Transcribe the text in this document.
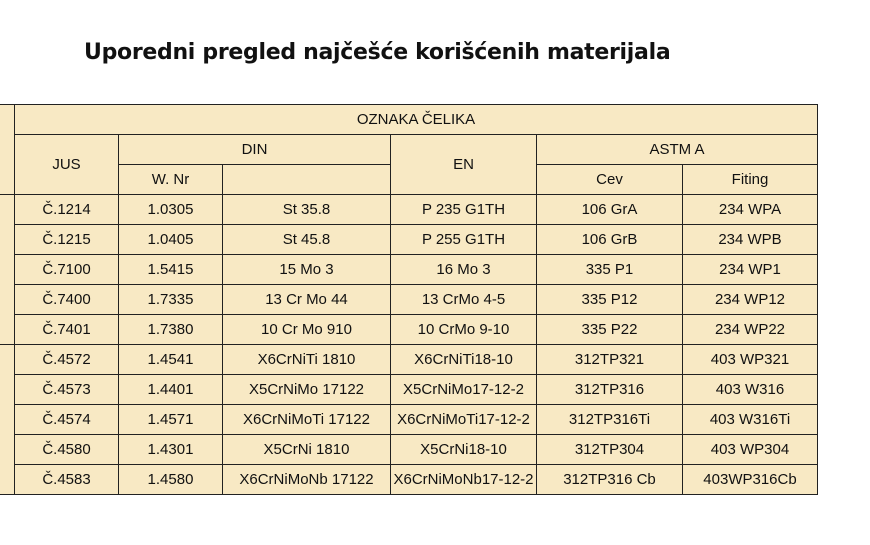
Uporedni pregled najčešće korišćenih materijala
	OZNAKA ČELIKA					
	JUS	DIN		EN	ASTM A	
		W. Nr			Cev	Fiting
	Č.1214	1.0305	St 35.8	P 235 G1TH	106 GrA	234 WPA
	Č.1215	1.0405	St 45.8	P 255 G1TH	106 GrB	234 WPB
	Č.7100	1.5415	15 Mo 3	16 Mo 3	335 P1	234 WP1
	Č.7400	1.7335	13 Cr Mo 44	13 CrMo 4-5	335 P12	234 WP12
	Č.7401	1.7380	10 Cr Mo 910	10 CrMo 9-10	335 P22	234 WP22
	Č.4572	1.4541	X6CrNiTi 1810	X6CrNiTi18-10	312TP321	403 WP321
	Č.4573	1.4401	X5CrNiMo 17122	X5CrNiMo17-12-2	312TP316	403 W316
	Č.4574	1.4571	X6CrNiMoTi 17122	X6CrNiMoTi17-12-2	312TP316Ti	403 W316Ti
	Č.4580	1.4301	X5CrNi 1810	X5CrNi18-10	312TP304	403 WP304
	Č.4583	1.4580	X6CrNiMoNb 17122	X6CrNiMoNb17-12-2	312TP316 Cb	403WP316Cb
